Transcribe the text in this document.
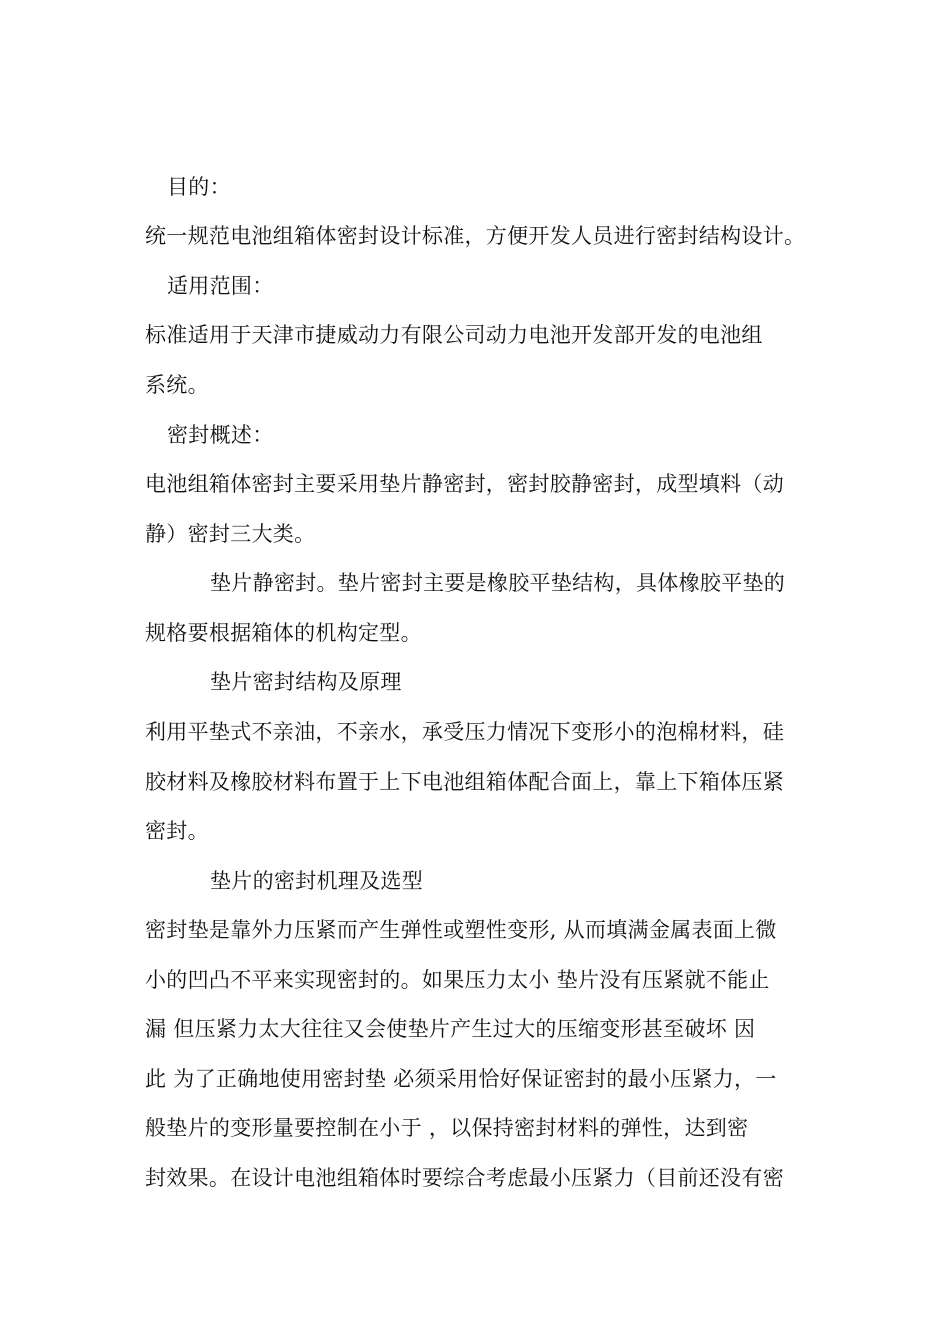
目的：
统一规范电池组箱体密封设计标准，方便开发人员进行密封结构设计。
适用范围：
标准适用于天津市捷威动力有限公司动力电池开发部开发的电池组
系统。
密封概述：
电池组箱体密封主要采用垫片静密封，密封胶静密封，成型填料（动
静）密封三大类。
垫片静密封。垫片密封主要是橡胶平垫结构，具体橡胶平垫的
规格要根据箱体的机构定型。
垫片密封结构及原理
利用平垫式不亲油，不亲水，承受压力情况下变形小的泡棉材料，硅
胶材料及橡胶材料布置于上下电池组箱体配合面上，靠上下箱体压紧
密封。
垫片的密封机理及选型
密封垫是靠外力压紧而产生弹性或塑性变形, 从而填满金属表面上微
小的凹凸不平来实现密封的。如果压力太小 垫片没有压紧就不能止
漏 但压紧力太大往往又会使垫片产生过大的压缩变形甚至破坏 因
此 为了正确地使用密封垫 必须采用恰好保证密封的最小压紧力，一
般垫片的变形量要控制在小于 ，以保持密封材料的弹性，达到密
封效果。在设计电池组箱体时要综合考虑最小压紧力（目前还没有密
